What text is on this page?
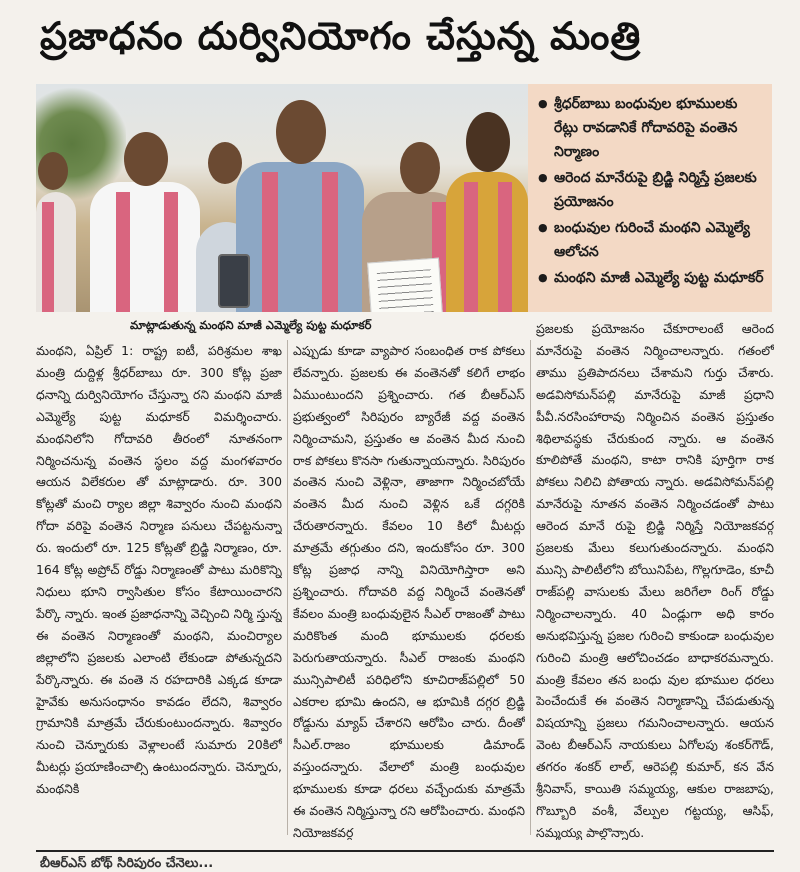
ప్రజాధనం దుర్వినియోగం చేస్తున్న మంత్రి
● శ్రీధర్‌బాబు బంధువుల భూములకు రేట్లు రావడానికే గోదావరిపై వంతెన నిర్మాణం
● ఆరెంద మానేరుపై బ్రిడ్జి నిర్మిస్తే ప్రజలకు ప్రయోజనం
● బంధువుల గురించే మంథని ఎమ్మెల్యే ఆలోచన
● మంథని మాజీ ఎమ్మెల్యే పుట్ట మధూకర్
మాట్లాడుతున్న మంథని మాజీ ఎమ్మెల్యే పుట్ట మధూకర్
మంథని, ఏప్రిల్ 1: రాష్ట్ర ఐటీ, పరిశ్రమల శాఖ మంత్రి దుద్దిళ్ల శ్రీధర్‌బాబు రూ. 300 కోట్ల ప్రజా ధనాన్ని దుర్వినియోగం చేస్తున్నా రని మంథని మాజీ ఎమ్మెల్యే పుట్ట మధూకర్ విమర్శించారు. మంథనిలోని గోదావరి తీరంలో నూతనంగా నిర్మించనున్న వంతెన స్థలం వద్ద మంగళవారం ఆయన విలేకరుల తో మాట్లాడారు. రూ. 300 కోట్లతో మంచి ర్యాల జిల్లా శివ్వారం నుంచి మంథని గోదా వరిపై వంతెన నిర్మాణ పనులు చేపట్టనున్నా రు. ఇందులో రూ. 125 కోట్లతో బ్రిడ్జి నిర్మాణం, రూ. 164 కోట్ల అప్రోచ్ రోడ్డు నిర్మాణంతో పాటు మరికొన్ని నిధులు భూని ర్వాసితుల కోసం కేటాయించారని పేర్కొ న్నారు. ఇంత ప్రజాధనాన్ని వెచ్చించి నిర్మి స్తున్న ఈ వంతెన నిర్మాణంతో మంథని, మంచిర్యాల జిల్లాలోని ప్రజలకు ఎలాంటి లేకుండా పోతున్నదని పేర్కొన్నారు. ఈ వంతె న రహదారికి ఎక్కడ కూడా హైవేకు అనుసంధానం కావడం లేదని, శివ్వారం గ్రామానికి మాత్రమే చేరుకుంటుందన్నారు. శివ్వారం నుంచి చెన్నూరుకు వెళ్లాలంటే సుమారు 20కిలో మీటర్లు ప్రయాణించాల్సి ఉంటుందన్నారు. చెన్నూరు, మంథనికి
ఎప్పుడు కూడా వ్యాపార సంబంధిత రాక పోకలు లేవన్నారు. ప్రజలకు ఈ వంతెనతో కలిగే లాభం ఏముంటుందని ప్రశ్నించారు. గత బీఆర్ఎస్ ప్రభుత్వంలో సిరిపురం బ్యారేజీ వద్ద వంతెన నిర్మించామని, ప్రస్తుతం ఆ వంతెన మీద నుంచి రాక పోకలు కొనసా గుతున్నాయన్నారు. సిరిపురం వంతెన నుంచి వెళ్లినా, తాజాగా నిర్మించబోయే వంతెన మీద నుంచి వెళ్లిన ఒకే దగ్గరికి చేరుతారన్నారు. కేవలం 10 కిలో మీటర్లు మాత్రమే తగ్గుతుం దని, ఇందుకోసం రూ. 300 కోట్ల ప్రజాధ నాన్ని వినియోగిస్తారా అని ప్రశ్నించారు. గోదావరి వద్ద నిర్మించే వంతెనతో కేవలం మంత్రి బంధువులైన సీఎల్ రాజంతో పాటు మరికొంత మంది భూములకు ధరలకు పెరుగుతాయన్నారు. సీఎల్ రాజంకు మంథని మున్సిపాలిటీ పరిధిలోని కూచిరాజ్‌పల్లిలో 50 ఎకరాల భూమి ఉందని, ఆ భూమికి దగ్గర బ్రిడ్జి రోడ్డును మ్యాప్ చేశారని ఆరోపిం చారు. దీంతో సీఎల్.రాజం భూములకు డిమాండ్ వస్తుందన్నారు. వేలాలో మంత్రి బంధువుల భూములకు కూడా ధరలు వచ్చేందుకు మాత్రమే ఈ వంతెన నిర్మిస్తున్నా రని ఆరోపించారు. మంథని నియోజకవర్గ
ప్రజలకు ప్రయోజనం చేకూరాలంటే ఆరెంద మానేరుపై వంతెన నిర్మించాలన్నారు. గతంలో తాము ప్రతిపాదనలు చేశామని గుర్తు చేశారు. అడవిసోమన్‌పల్లి మానేరుపై మాజీ ప్రధాని పీవీ.నరసింహారావు నిర్మించిన వంతెన ప్రస్తుతం శిథిలావస్థకు చేరుకుంద న్నారు. ఆ వంతెన కూలిపోతే మంథని, కాటా రానికి పూర్తిగా రాక పోకలు నిలిచి పోతాయ న్నారు. అడవిసోమన్‌పల్లి మానేరుపై నూతన వంతెన నిర్మించడంతో పాటు ఆరెంద మానే రుపై బ్రిడ్జి నిర్మిస్తే నియోజకవర్గ ప్రజలకు మేలు కలుగుతుందన్నారు. మంథని మున్సి పాలిటీలోని బోయినిపేట, గొల్లగూడెం, కూచీ రాజ్‌పల్లి వాసులకు మేలు జరిగేలా రింగ్ రోడ్డు నిర్మించాలన్నారు. 40 ఏండ్లుగా అధి కారం అనుభవిస్తున్న ప్రజల గురించి కాకుండా బంధువుల గురించి మంత్రి ఆలోచించడం బాధాకరమన్నారు. మంత్రి కేవలం తన బంధు వుల భూముల ధరలు పెంచేందుకే ఈ వంతెన నిర్మాణాన్ని చేపడుతున్న విషయాన్ని ప్రజలు గమనించాలన్నారు. ఆయన వెంట బీఆర్ఎస్ నాయకులు ఏగోలపు శంకర్‌గౌడ్, తగరం శంకర్ లాల్, ఆరెపల్లి కుమార్, కన వేన శ్రీనివాస్, కాయితి సమ్మయ్య, ఆకుల రాజబాపు, గొబ్బూరి వంశీ, వేల్పుల గట్టయ్య, ఆసిఫ్, సమ్మయ్య పాల్గొన్నారు.
బీఆర్ఎస్ బోథ్ సిరిపురం చేనెలు...
